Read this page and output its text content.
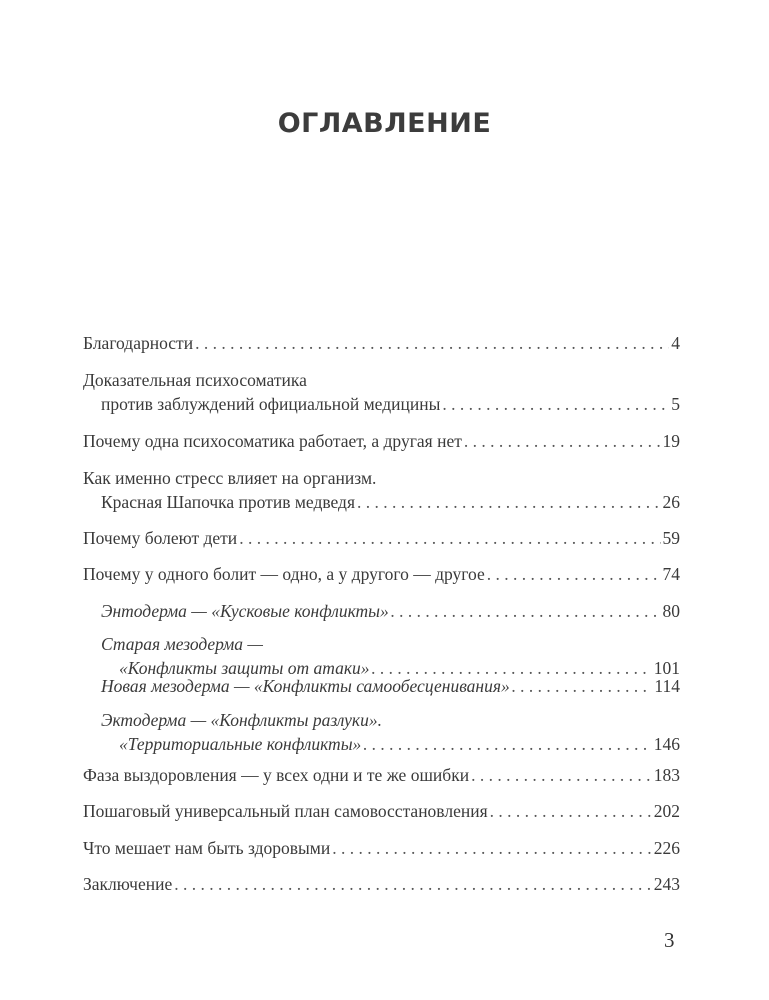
ОГЛАВЛЕНИЕ
Благодарности . . .	4
Доказательная психосоматика
против заблуждений официальной медицины . . .	5
Почему одна психосоматика работает, а другая нет . . .	19
Как именно стресс влияет на организм.
Красная Шапочка против медведя . . .	26
Почему болеют дети . . .	59
Почему у одного болит — одно, а у другого — другое . . .	74
Энтодерма — «Кусковые конфликты» . . .	80
Старая мезодерма —
«Конфликты защиты от атаки» . . .	101
Новая мезодерма — «Конфликты самообесценивания» . . .	114
Эктодерма — «Конфликты разлуки».
«Территориальные конфликты» . . .	146
Фаза выздоровления — у всех одни и те же ошибки . . .	183
Пошаговый универсальный план самовосстановления . . .	202
Что мешает нам быть здоровыми . . .	226
Заключение . . .	243
3
